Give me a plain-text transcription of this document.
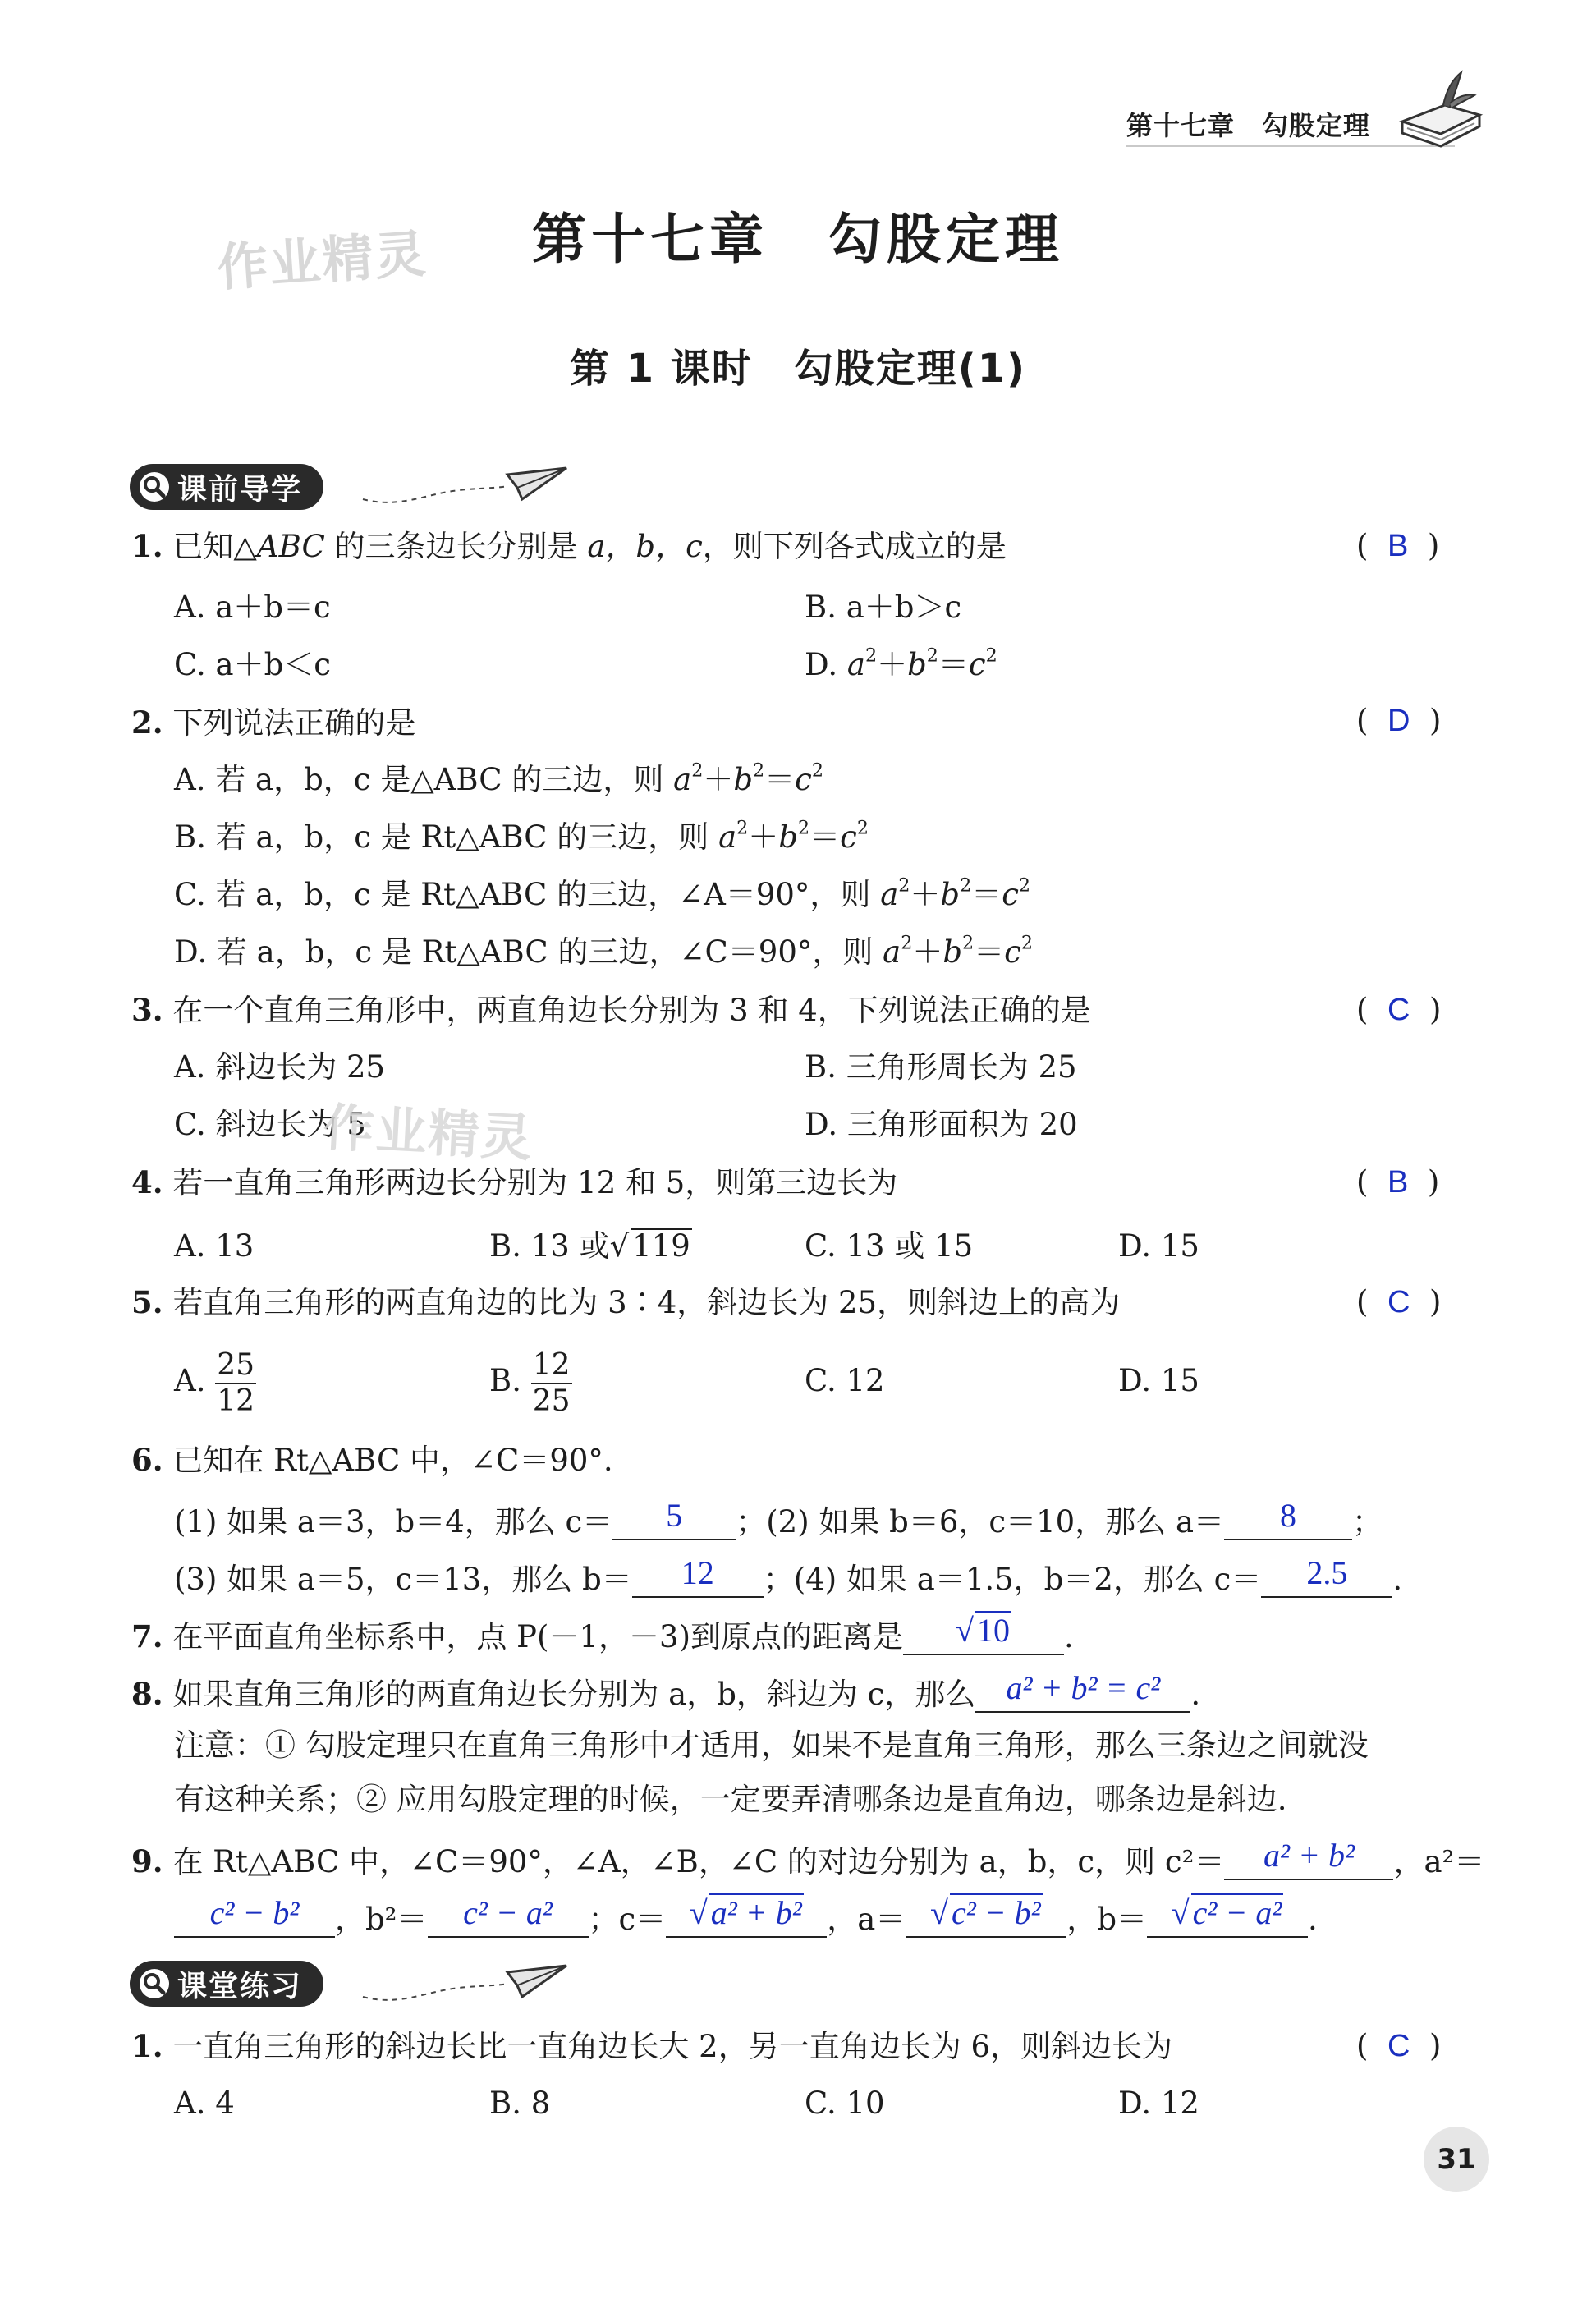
第十七章　勾股定理
第十七章　勾股定理
作业精灵
第 1 课时　勾股定理(1)
课前导学
1. 已知△ABC 的三条边长分别是 a，b，c，则下列各式成立的是	(  B  )
A. a＋b＝c	B. a＋b＞c
C. a＋b＜c	D. $a^2+b^2=c^2$
2. 下列说法正确的是	(  D  )
A. 若 a，b，c 是△ABC 的三边，则 $a^2+b^2=c^2$
B. 若 a，b，c 是 Rt△ABC 的三边，则 $a^2+b^2=c^2$
C. 若 a，b，c 是 Rt△ABC 的三边，∠A＝90°，则 $a^2+b^2=c^2$
D. 若 a，b，c 是 Rt△ABC 的三边，∠C＝90°，则 $a^2+b^2=c^2$
3. 在一个直角三角形中，两直角边长分别为 3 和 4，下列说法正确的是	(  C  )
A. 斜边长为 25	B. 三角形周长为 25
C. 斜边长为 5	D. 三角形面积为 20
作业精灵
4. 若一直角三角形两边长分别为 12 和 5，则第三边长为	(  B  )
A. 13	B. 13 或√ 119	C. 13 或 15	D. 15
5. 若直角三角形的两直角边的比为 3∶4，斜边长为 25，则斜边上的高为	(  C  )
A. $\frac{25}{12}$	B. $\frac{12}{25}$	C. 12	D. 15
6. 已知在 Rt△ABC 中，∠C＝90°.
(1) 如果 a＝3，b＝4，那么 c＝	5	；(2) 如果 b＝6，c＝10，那么 a＝	8	；
(3) 如果 a＝5，c＝13，那么 b＝	12	；(4) 如果 a＝1.5，b＝2，那么 c＝	2.5	.
7. 在平面直角坐标系中，点 P(－1，－3)到原点的距离是	√ 10	.
8. 如果直角三角形的两直角边长分别为 a，b，斜边为 c，那么 a² + b² = c²	.
注意：① 勾股定理只在直角三角形中才适用，如果不是直角三角形，那么三条边之间就没
有这种关系；② 应用勾股定理的时候，一定要弄清哪条边是直角边，哪条边是斜边.
9. 在 Rt△ABC 中，∠C＝90°，∠A，∠B，∠C 的对边分别为 a，b，c，则 c²＝	a² + b²	，a²＝
c² − b²	，b²＝	c² − a²	；c＝ √ a² + b² ，a＝ √ c² − b² ，b＝ √ c² − a² .
课堂练习
1. 一直角三角形的斜边长比一直角边长大 2，另一直角边长为 6，则斜边长为	(  C  )
A. 4	B. 8	C. 10	D. 12
31
